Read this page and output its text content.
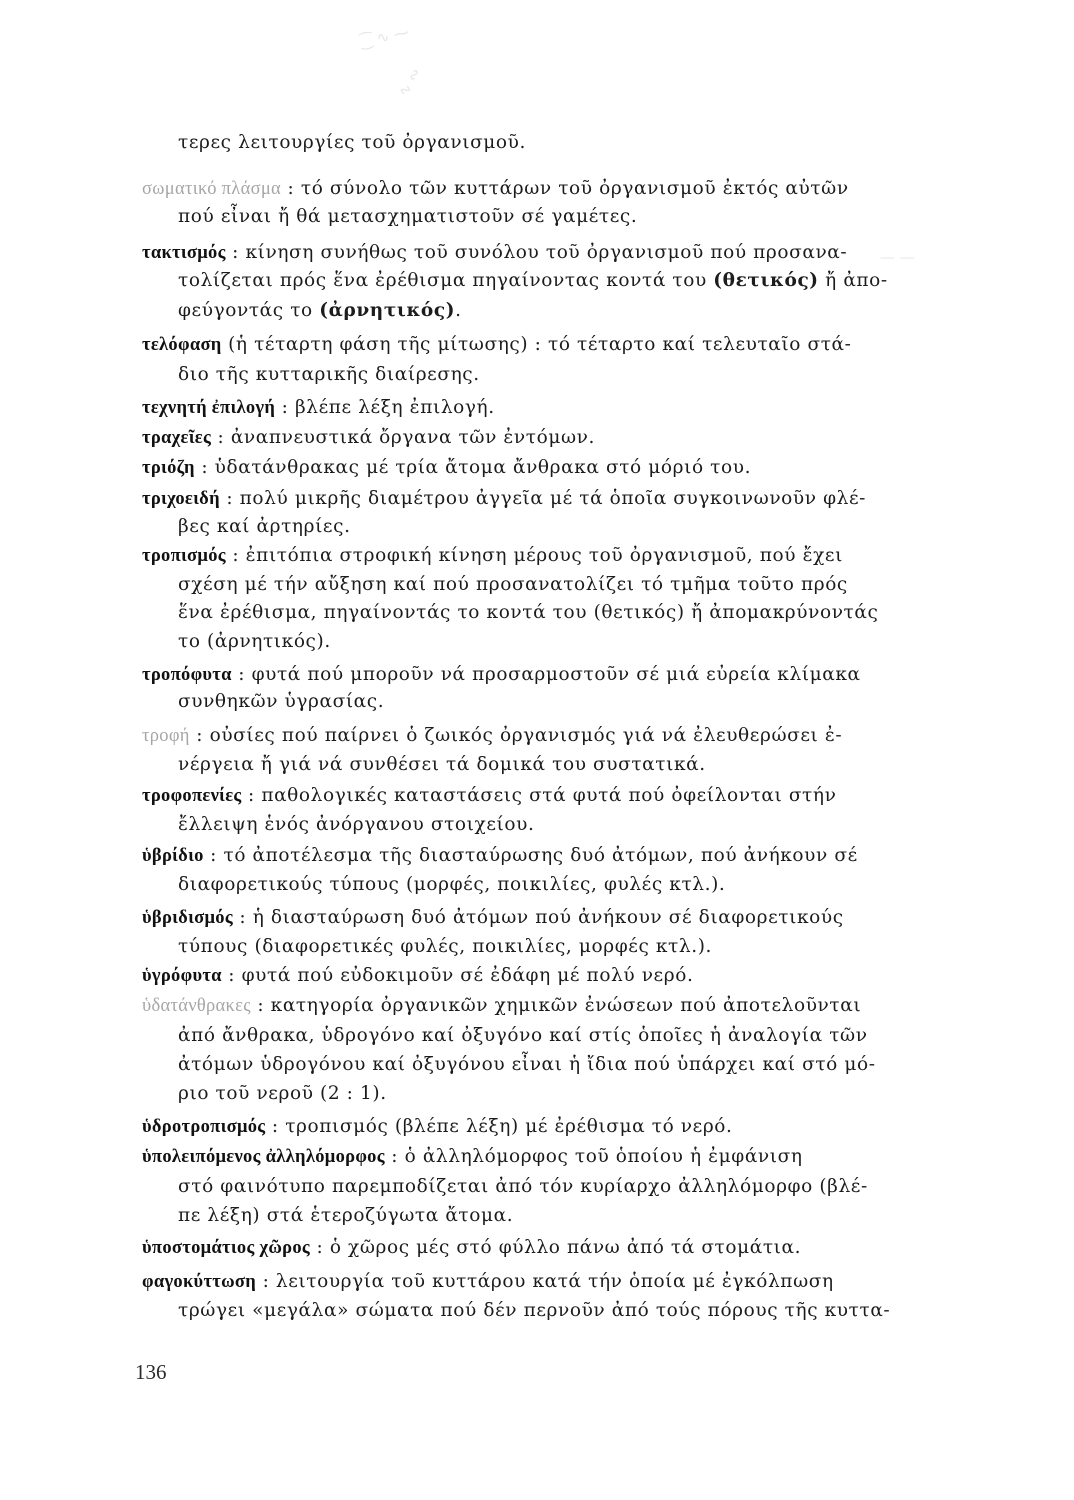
⁐ ∿ ⁓
∿ ∾
— —
τερες λειτουργίες τοῦ ὀργανισμοῦ.
σωματικό πλάσμα : τό σύνολο τῶν κυττάρων τοῦ ὀργανισμοῦ ἐκτός αὐτῶν
πού εἶναι ἤ θά μετασχηματιστοῦν σέ γαμέτες.
τακτισμός : κίνηση συνήθως τοῦ συνόλου τοῦ ὀργανισμοῦ πού προσανα-
τολίζεται πρός ἕνα ἐρέθισμα πηγαίνοντας κοντά του (θετικός) ἤ ἀπο-
φεύγοντάς το (ἀρνητικός).
τελόφαση (ἡ τέταρτη φάση τῆς μίτωσης) : τό τέταρτο καί τελευταῖο στά-
διο τῆς κυτταρικῆς διαίρεσης.
τεχνητή ἐπιλογή : βλέπε λέξη ἐπιλογή.
τραχεῖες : ἀναπνευστικά ὄργανα τῶν ἐντόμων.
τριόζη : ὑδατάνθρακας μέ τρία ἄτομα ἄνθρακα στό μόριό του.
τριχοειδή : πολύ μικρῆς διαμέτρου ἀγγεῖα μέ τά ὁποῖα συγκοινωνοῦν φλέ-
βες καί ἀρτηρίες.
τροπισμός : ἐπιτόπια στροφική κίνηση μέρους τοῦ ὀργανισμοῦ, πού ἔχει
σχέση μέ τήν αὔξηση καί πού προσανατολίζει τό τμῆμα τοῦτο πρός
ἕνα ἐρέθισμα, πηγαίνοντάς το κοντά του (θετικός) ἤ ἀπομακρύνοντάς
το (ἀρνητικός).
τροπόφυτα : φυτά πού μποροῦν νά προσαρμοστοῦν σέ μιά εὐρεία κλίμακα
συνθηκῶν ὑγρασίας.
τροφή : οὐσίες πού παίρνει ὁ ζωικός ὀργανισμός γιά νά ἐλευθερώσει ἐ-
νέργεια ἤ γιά νά συνθέσει τά δομικά του συστατικά.
τροφοπενίες : παθολογικές καταστάσεις στά φυτά πού ὀφείλονται στήν
ἔλλειψη ἑνός ἀνόργανου στοιχείου.
ὑβρίδιο : τό ἀποτέλεσμα τῆς διασταύρωσης δυό ἀτόμων, πού ἀνήκουν σέ
διαφορετικούς τύπους (μορφές, ποικιλίες, φυλές κτλ.).
ὑβριδισμός : ἡ διασταύρωση δυό ἀτόμων πού ἀνήκουν σέ διαφορετικούς
τύπους (διαφορετικές φυλές, ποικιλίες, μορφές κτλ.).
ὑγρόφυτα : φυτά πού εὐδοκιμοῦν σέ ἐδάφη μέ πολύ νερό.
ὑδατάνθρακες : κατηγορία ὀργανικῶν χημικῶν ἐνώσεων πού ἀποτελοῦνται
ἀπό ἄνθρακα, ὑδρογόνο καί ὀξυγόνο καί στίς ὁποῖες ἡ ἀναλογία τῶν
ἀτόμων ὑδρογόνου καί ὀξυγόνου εἶναι ἡ ἴδια πού ὑπάρχει καί στό μό-
ριο τοῦ νεροῦ (2 : 1).
ὑδροτροπισμός : τροπισμός (βλέπε λέξη) μέ ἐρέθισμα τό νερό.
ὑπολειπόμενος ἀλληλόμορφος : ὁ ἀλληλόμορφος τοῦ ὁποίου ἡ ἐμφάνιση
στό φαινότυπο παρεμποδίζεται ἀπό τόν κυρίαρχο ἀλληλόμορφο (βλέ-
πε λέξη) στά ἑτεροζύγωτα ἄτομα.
ὑποστομάτιος χῶρος : ὁ χῶρος μές στό φύλλο πάνω ἀπό τά στομάτια.
φαγοκύττωση : λειτουργία τοῦ κυττάρου κατά τήν ὁποία μέ ἐγκόλπωση
τρώγει «μεγάλα» σώματα πού δέν περνοῦν ἀπό τούς πόρους τῆς κυττα-
136
